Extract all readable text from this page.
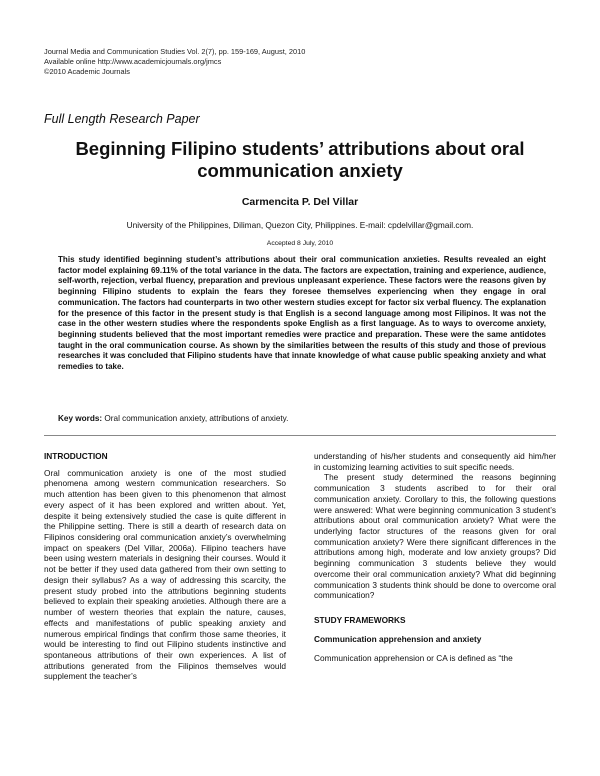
Journal Media and Communication Studies Vol. 2(7), pp. 159-169, August, 2010
Available online http://www.academicjournals.org/jmcs
©2010 Academic Journals
Full Length Research Paper
Beginning Filipino students’ attributions about oral
communication anxiety
Carmencita P. Del Villar
University of the Philippines, Diliman, Quezon City, Philippines. E-mail: cpdelvillar@gmail.com.
Accepted 8 July, 2010
This study identified beginning student’s attributions about their oral communication anxieties. Results revealed an eight factor model explaining 69.11% of the total variance in the data. The factors are expectation, training and experience, audience, self-worth, rejection, verbal fluency, preparation and previous unpleasant experience. These factors were the reasons given by beginning Filipino students to explain the fears they foresee themselves experiencing when they engage in oral communication. The factors had counterparts in two other western studies except for factor six verbal fluency. The explanation for the presence of this factor in the present study is that English is a second language among most Filipinos. It was not the case in the other western studies where the respondents spoke English as a first language. As to ways to overcome anxiety, beginning students believed that the most important remedies were practice and preparation. These were the same antidotes taught in the oral communication course. As shown by the similarities between the results of this study and those of previous researches it was concluded that Filipino students have that innate knowledge of what cause public speaking anxiety and what remedies to take.
Key words: Oral communication anxiety, attributions of anxiety.
INTRODUCTION

Oral communication anxiety is one of the most studied phenomena among western communication researchers. So much attention has been given to this phenomenon that almost every aspect of it has been explored and written about. Yet, despite it being extensively studied the case is quite different in the Philippine setting. There is still a dearth of research data on Filipinos considering oral communication anxiety’s overwhelming impact on speakers (Del Villar, 2006a). Filipino teachers have been using western materials in designing their courses. Would it not be better if they used data gathered from their own setting to design their syllabus? As a way of addressing this scarcity, the present study probed into the attributions beginning students believed to explain their speaking anxieties. Although there are a number of western theories that explain the nature, causes, effects and manifestations of public speaking anxiety and numerous empirical findings that confirm those same theories, it would be interesting to find out Filipino students instinctive and spontaneous attributions of their own experiences. A list of attributions generated from the Filipinos themselves would supplement the teacher’s

understanding of his/her students and consequently aid him/her in customizing learning activities to suit specific needs.

The present study determined the reasons beginning communication 3 students ascribed to for their oral communication anxiety. Corollary to this, the following questions were answered: What were beginning communication 3 student’s attributions about oral communication anxiety? What were the underlying factor structures of the reasons given for oral communication anxiety? Were there significant differences in the attributions among high, moderate and low anxiety groups? Did beginning communication 3 students believe they would overcome their oral communication anxiety? What did beginning communication 3 students think should be done to overcome oral communication?

STUDY FRAMEWORKS
Communication apprehension and anxiety

Communication apprehension or CA is defined as “the
